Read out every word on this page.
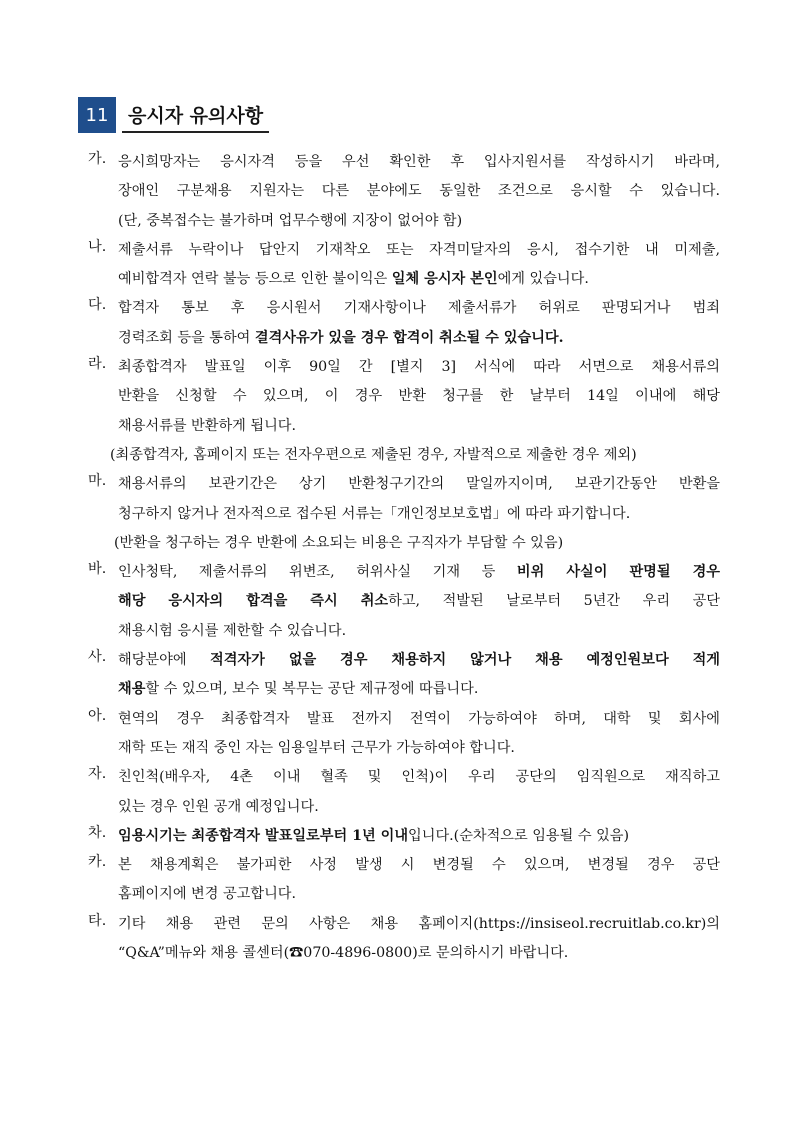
11	응시자 유의사항
가. 응시희망자는 응시자격 등을 우선 확인한 후 입사지원서를 작성하시기 바라며,
장애인 구분채용 지원자는 다른 분야에도 동일한 조건으로 응시할 수 있습니다.
(단, 중복접수는 불가하며 업무수행에 지장이 없어야 함)
나. 제출서류 누락이나 답안지 기재착오 또는 자격미달자의 응시, 접수기한 내 미제출,
예비합격자 연락 불능 등으로 인한 불이익은 일체 응시자 본인에게 있습니다.
다. 합격자 통보 후 응시원서 기재사항이나 제출서류가 허위로 판명되거나 범죄
경력조회 등을 통하여 결격사유가 있을 경우 합격이 취소될 수 있습니다.
라. 최종합격자 발표일 이후 90일 간 [별지 3] 서식에 따라 서면으로 채용서류의
반환을 신청할 수 있으며, 이 경우 반환 청구를 한 날부터 14일 이내에 해당
채용서류를 반환하게 됩니다.
(최종합격자, 홈페이지 또는 전자우편으로 제출된 경우, 자발적으로 제출한 경우 제외)
마. 채용서류의 보관기간은 상기 반환청구기간의 말일까지이며, 보관기간동안 반환을
청구하지 않거나 전자적으로 접수된 서류는「개인정보보호법」에 따라 파기합니다.
(반환을 청구하는 경우 반환에 소요되는 비용은 구직자가 부담할 수 있음)
바. 인사청탁, 제출서류의 위변조, 허위사실 기재 등 비위 사실이 판명될 경우
해당 응시자의 합격을 즉시 취소하고, 적발된 날로부터 5년간 우리 공단
채용시험 응시를 제한할 수 있습니다.
사. 해당분야에 적격자가 없을 경우 채용하지 않거나 채용 예정인원보다 적게
채용할 수 있으며, 보수 및 복무는 공단 제규정에 따릅니다.
아. 현역의 경우 최종합격자 발표 전까지 전역이 가능하여야 하며, 대학 및 회사에
재학 또는 재직 중인 자는 임용일부터 근무가 가능하여야 합니다.
자. 친인척(배우자, 4촌 이내 혈족 및 인척)이 우리 공단의 임직원으로 재직하고
있는 경우 인원 공개 예정입니다.
차. 임용시기는 최종합격자 발표일로부터 1년 이내입니다.(순차적으로 임용될 수 있음)
카. 본 채용계획은 불가피한 사정 발생 시 변경될 수 있으며, 변경될 경우 공단
홈페이지에 변경 공고합니다.
타. 기타 채용 관련 문의 사항은 채용 홈페이지(https://insiseol.recruitlab.co.kr)의
“Q&A”메뉴와 채용 콜센터(☎070-4896-0800)로 문의하시기 바랍니다.
